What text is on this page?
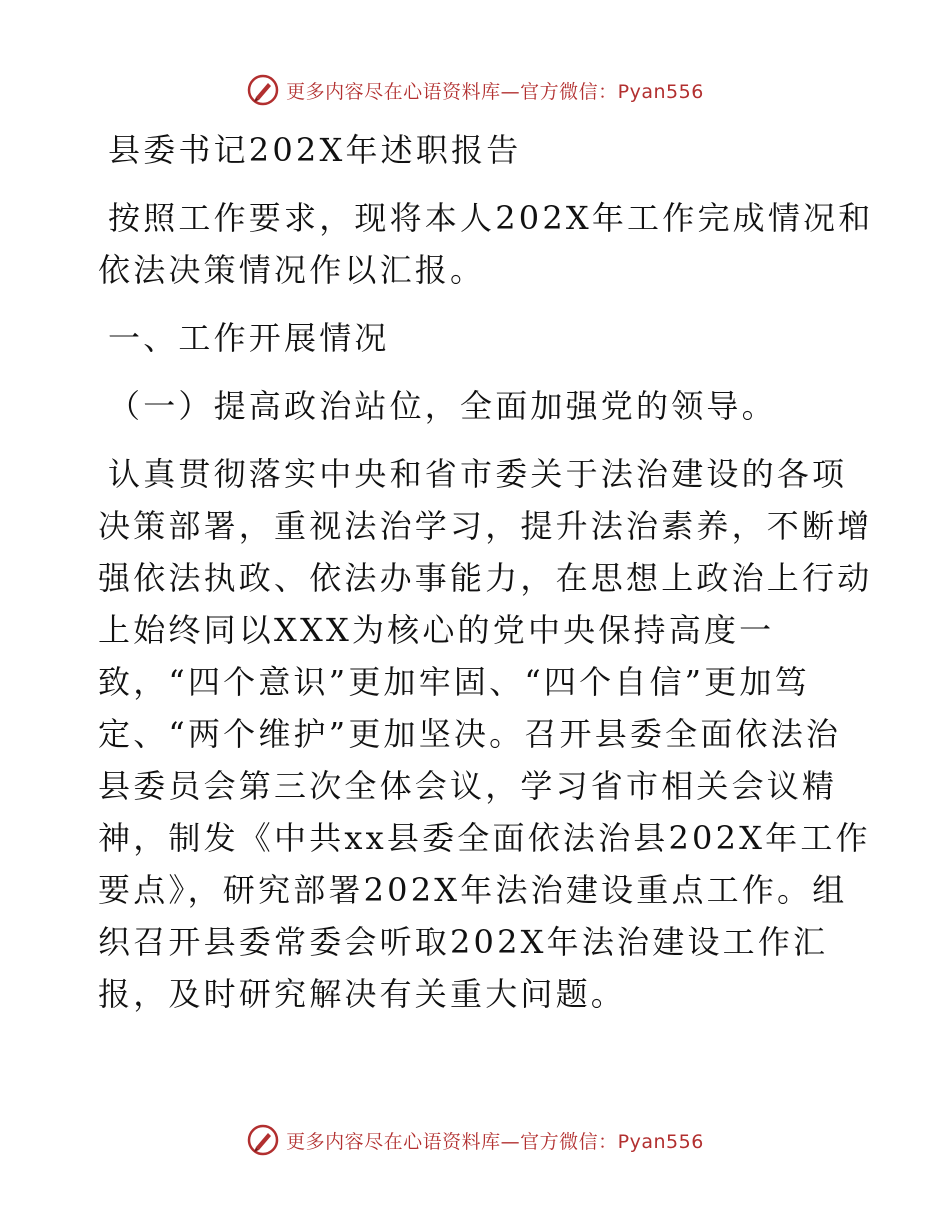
更多内容尽在心语资料库—官方微信：Pyan556

县委书记202X年述职报告

按照工作要求，现将本人202X年工作完成情况和

依法决策情况作以汇报。

一、工作开展情况

（一）提高政治站位，全面加强党的领导。

认真贯彻落实中央和省市委关于法治建设的各项

决策部署，重视法治学习，提升法治素养，不断增

强依法执政、依法办事能力，在思想上政治上行动

上始终同以XXX为核心的党中央保持高度一

致，“四个意识”更加牢固、“四个自信”更加笃

定、“两个维护”更加坚决。召开县委全面依法治

县委员会第三次全体会议，学习省市相关会议精

神，制发《中共xx县委全面依法治县202X年工作

要点》，研究部署202X年法治建设重点工作。组

织召开县委常委会听取202X年法治建设工作汇

报，及时研究解决有关重大问题。

更多内容尽在心语资料库—官方微信：Pyan556
